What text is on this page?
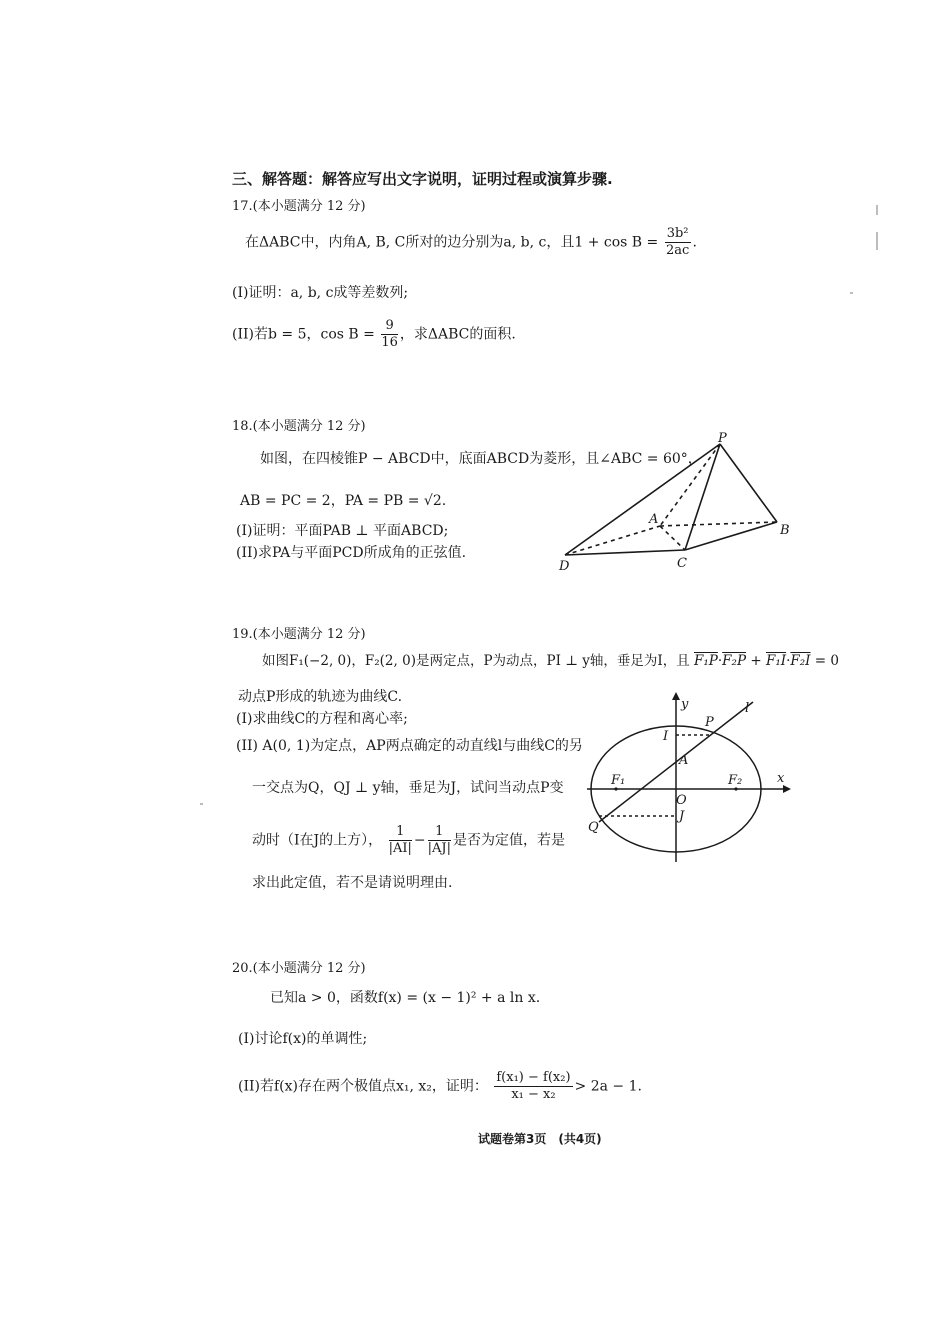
三、解答题：解答应写出文字说明，证明过程或演算步骤.
17.(本小题满分 12 分)
在ΔABC中，内角A, B, C所对的边分别为a, b, c，且$1 + \cos B = \frac{\text{3b²}}{2ac}$ .
(I)证明：a, b, c成等差数列;
(II)若b = 5，$\cos B = \frac{9}{16}$ ，求ΔABC的面积.
18.(本小题满分 12 分)
如图，在四棱锥P − ABCD中，底面ABCD为菱形，且∠ABC = 60°，
AB = PC = 2，PA = PB = √2.
(I)证明：平面PAB ⊥ 平面ABCD;
(II)求PA与平面PCD所成角的正弦值.
P
A
B
C
D
19.(本小题满分 12 分)
如图F₁(−2, 0)，F₂(2, 0)是两定点，P为动点，PI ⊥ y轴，垂足为I，且 F₁P·F₂P + F₁I·F₂I = 0
动点P形成的轨迹为曲线C.
(I)求曲线C的方程和离心率;
(II) A(0, 1)为定点，AP两点确定的动直线l与曲线C的另
一交点为Q，QJ ⊥ y轴，垂足为J，试问当动点P变
动时（I在J的上方）， $\frac{1}{|AI|} - \frac{1}{|AJ|}$ 是否为定值，若是
求出此定值，若不是请说明理由.
y
x
P
l
I
A
F₁	F₂
O
Q
J
20.(本小题满分 12 分)
已知a > 0，函数f(x) = (x − 1)² + a ln x.
(I)讨论f(x)的单调性;
(II)若f(x)存在两个极值点x₁, x₂，证明： $\frac{\text{f(x₁) − f(x₂)}}{\text{x₁ − x₂}} > 2a - 1$.
试题卷第3页　(共4页)
